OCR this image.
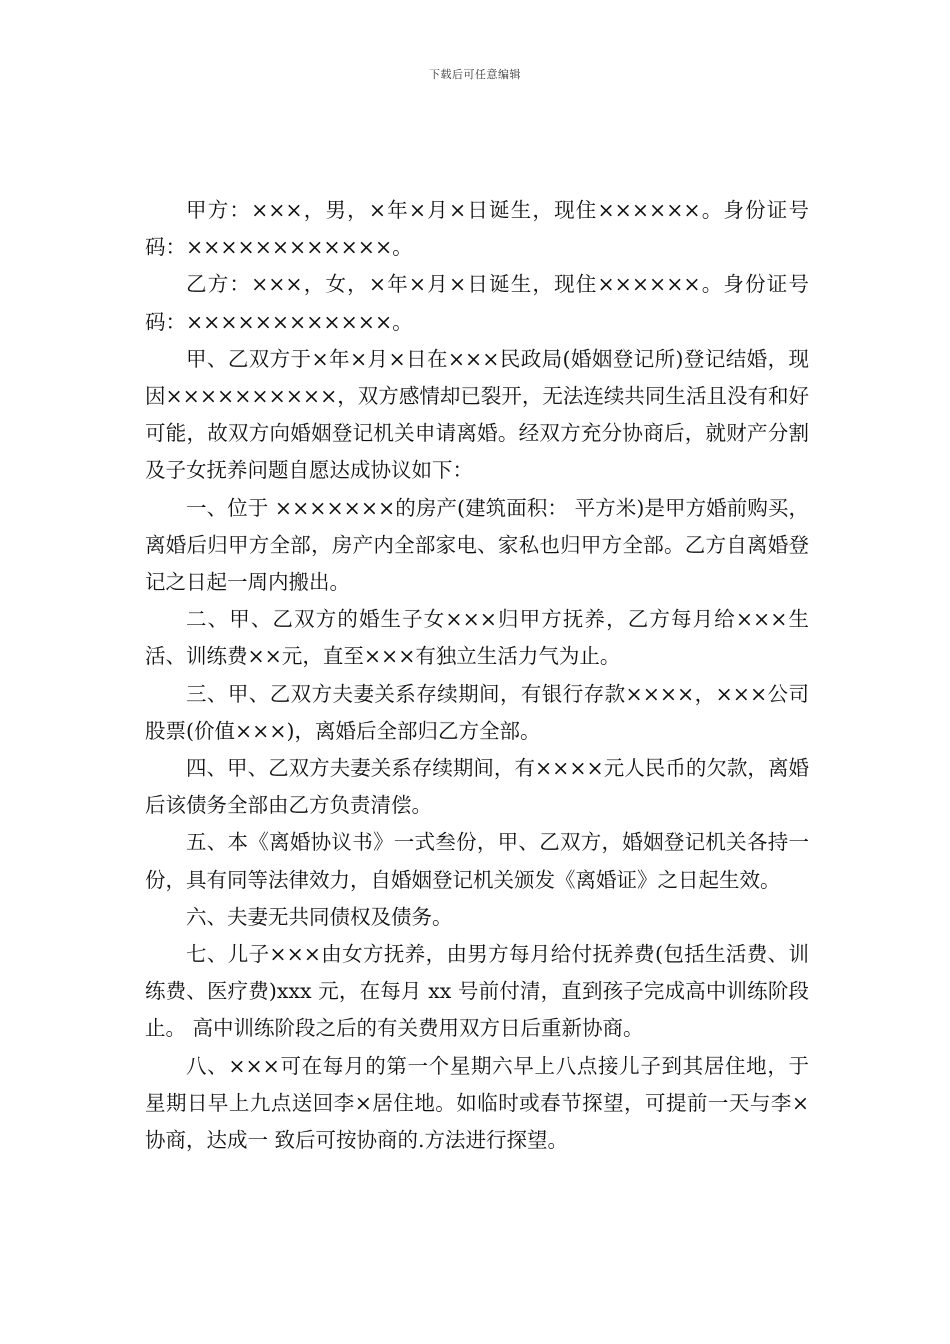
下载后可任意编辑

甲方：×××，男，×年×月×日诞生，现住××××××。身份证号码：××××××××××××。

乙方：×××，女，×年×月×日诞生，现住××××××。身份证号码：××××××××××××。

甲、乙双方于×年×月×日在×××民政局(婚姻登记所)登记结婚，现因××××××××××，双方感情却已裂开，无法连续共同生活且没有和好可能，故双方向婚姻登记机关申请离婚。经双方充分协商后，就财产分割及子女抚养问题自愿达成协议如下：

一、位于 ×××××××的房产(建筑面积： 平方米)是甲方婚前购买，离婚后归甲方全部，房产内全部家电、家私也归甲方全部。乙方自离婚登记之日起一周内搬出。

二、甲、乙双方的婚生子女×××归甲方抚养，乙方每月给×××生活、训练费××元，直至×××有独立生活力气为止。

三、甲、乙双方夫妻关系存续期间，有银行存款××××，×××公司股票(价值×××)，离婚后全部归乙方全部。

四、甲、乙双方夫妻关系存续期间，有××××元人民币的欠款，离婚后该债务全部由乙方负责清偿。

五、本《离婚协议书》一式叁份，甲、乙双方，婚姻登记机关各持一份，具有同等法律效力，自婚姻登记机关颁发《离婚证》之日起生效。

六、夫妻无共同债权及债务。

七、儿子×××由女方抚养，由男方每月给付抚养费(包括生活费、训练费、医疗费)xxx 元，在每月 xx 号前付清，直到孩子完成高中训练阶段止。 高中训练阶段之后的有关费用双方日后重新协商。

八、×××可在每月的第一个星期六早上八点接儿子到其居住地，于星期日早上九点送回李×居住地。如临时或春节探望，可提前一天与李×协商，达成一 致后可按协商的.方法进行探望。
